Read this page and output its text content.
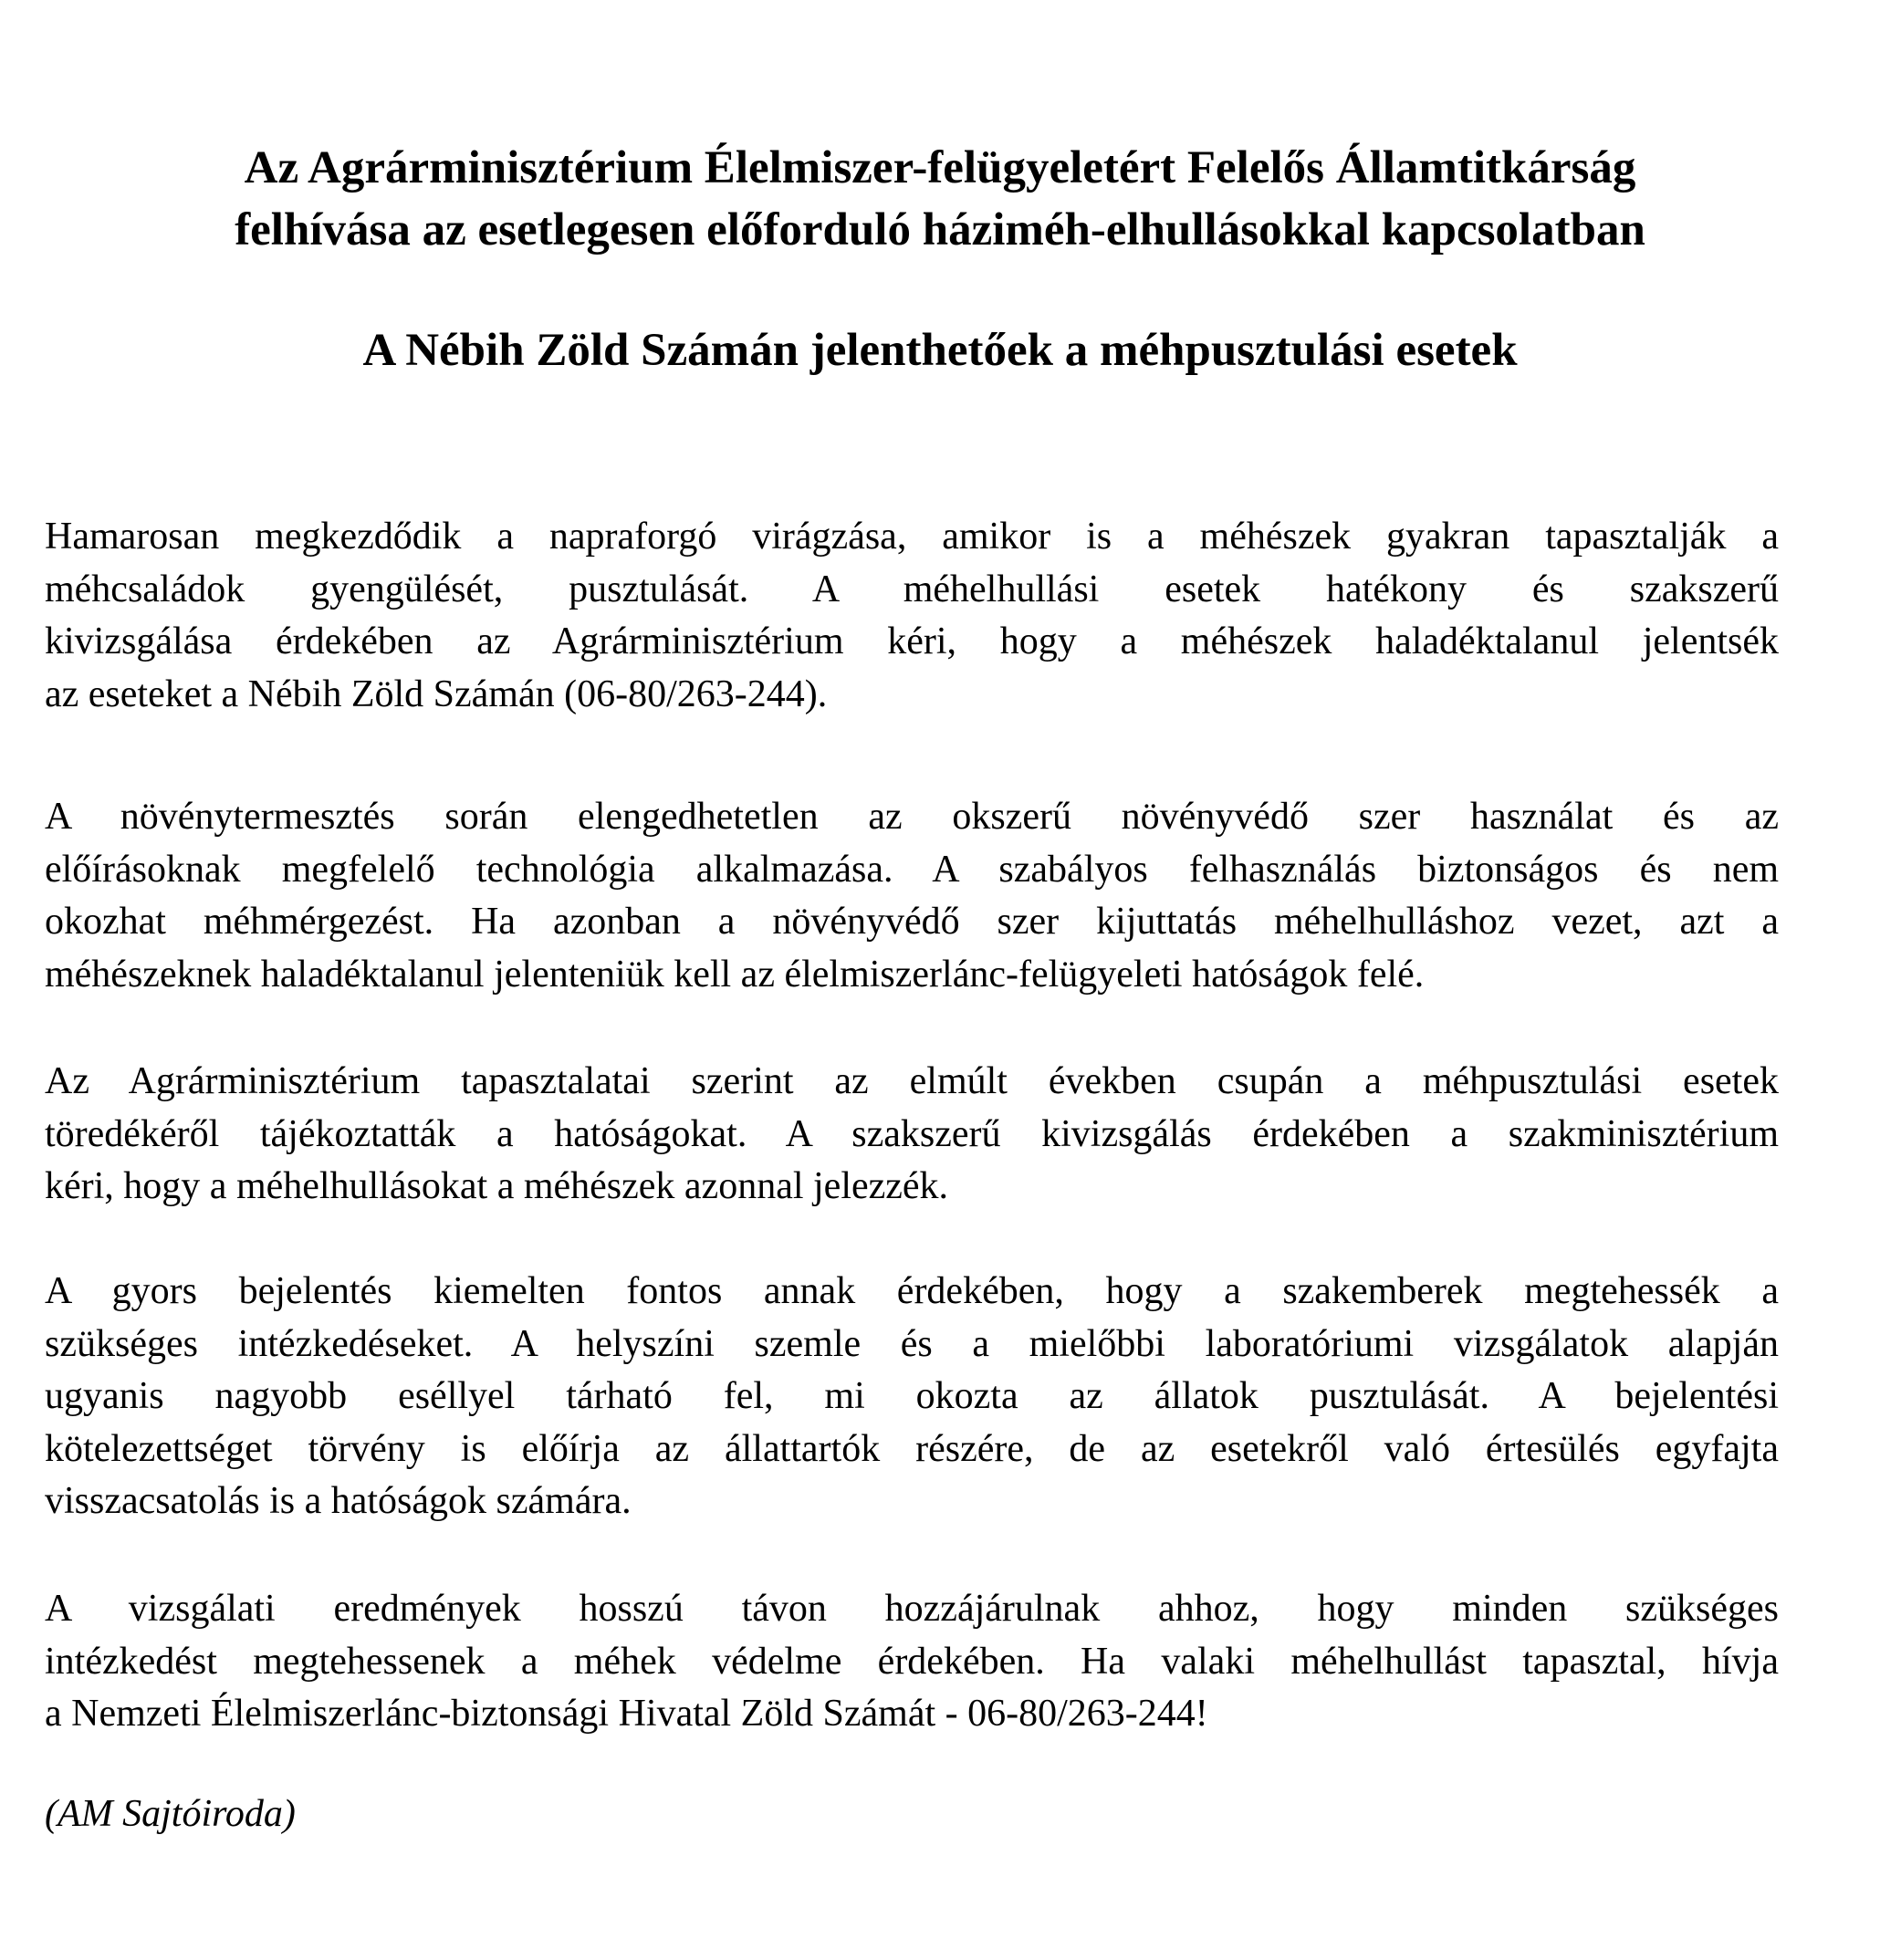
Az Agrárminisztérium Élelmiszer-felügyeletért Felelős Államtitkárság
felhívása az esetlegesen előforduló háziméh-elhullásokkal kapcsolatban
A Nébih Zöld Számán jelenthetőek a méhpusztulási esetek

Hamarosan megkezdődik a napraforgó virágzása, amikor is a méhészek gyakran tapasztalják a
méhcsaládok gyengülését, pusztulását. A méhelhullási esetek hatékony és szakszerű
kivizsgálása érdekében az Agrárminisztérium kéri, hogy a méhészek haladéktalanul jelentsék
az eseteket a Nébih Zöld Számán (06-80/263-244).

A növénytermesztés során elengedhetetlen az okszerű növényvédő szer használat és az
előírásoknak megfelelő technológia alkalmazása. A szabályos felhasználás biztonságos és nem
okozhat méhmérgezést. Ha azonban a növényvédő szer kijuttatás méhelhulláshoz vezet, azt a
méhészeknek haladéktalanul jelenteniük kell az élelmiszerlánc-felügyeleti hatóságok felé.

Az Agrárminisztérium tapasztalatai szerint az elmúlt években csupán a méhpusztulási esetek
töredékéről tájékoztatták a hatóságokat. A szakszerű kivizsgálás érdekében a szakminisztérium
kéri, hogy a méhelhullásokat a méhészek azonnal jelezzék.

A gyors bejelentés kiemelten fontos annak érdekében, hogy a szakemberek megtehessék a
szükséges intézkedéseket. A helyszíni szemle és a mielőbbi laboratóriumi vizsgálatok alapján
ugyanis nagyobb eséllyel tárható fel, mi okozta az állatok pusztulását. A bejelentési
kötelezettséget törvény is előírja az állattartók részére, de az esetekről való értesülés egyfajta
visszacsatolás is a hatóságok számára.

A vizsgálati eredmények hosszú távon hozzájárulnak ahhoz, hogy minden szükséges
intézkedést megtehessenek a méhek védelme érdekében. Ha valaki méhelhullást tapasztal, hívja
a Nemzeti Élelmiszerlánc-biztonsági Hivatal Zöld Számát - 06-80/263-244!

(AM Sajtóiroda)
